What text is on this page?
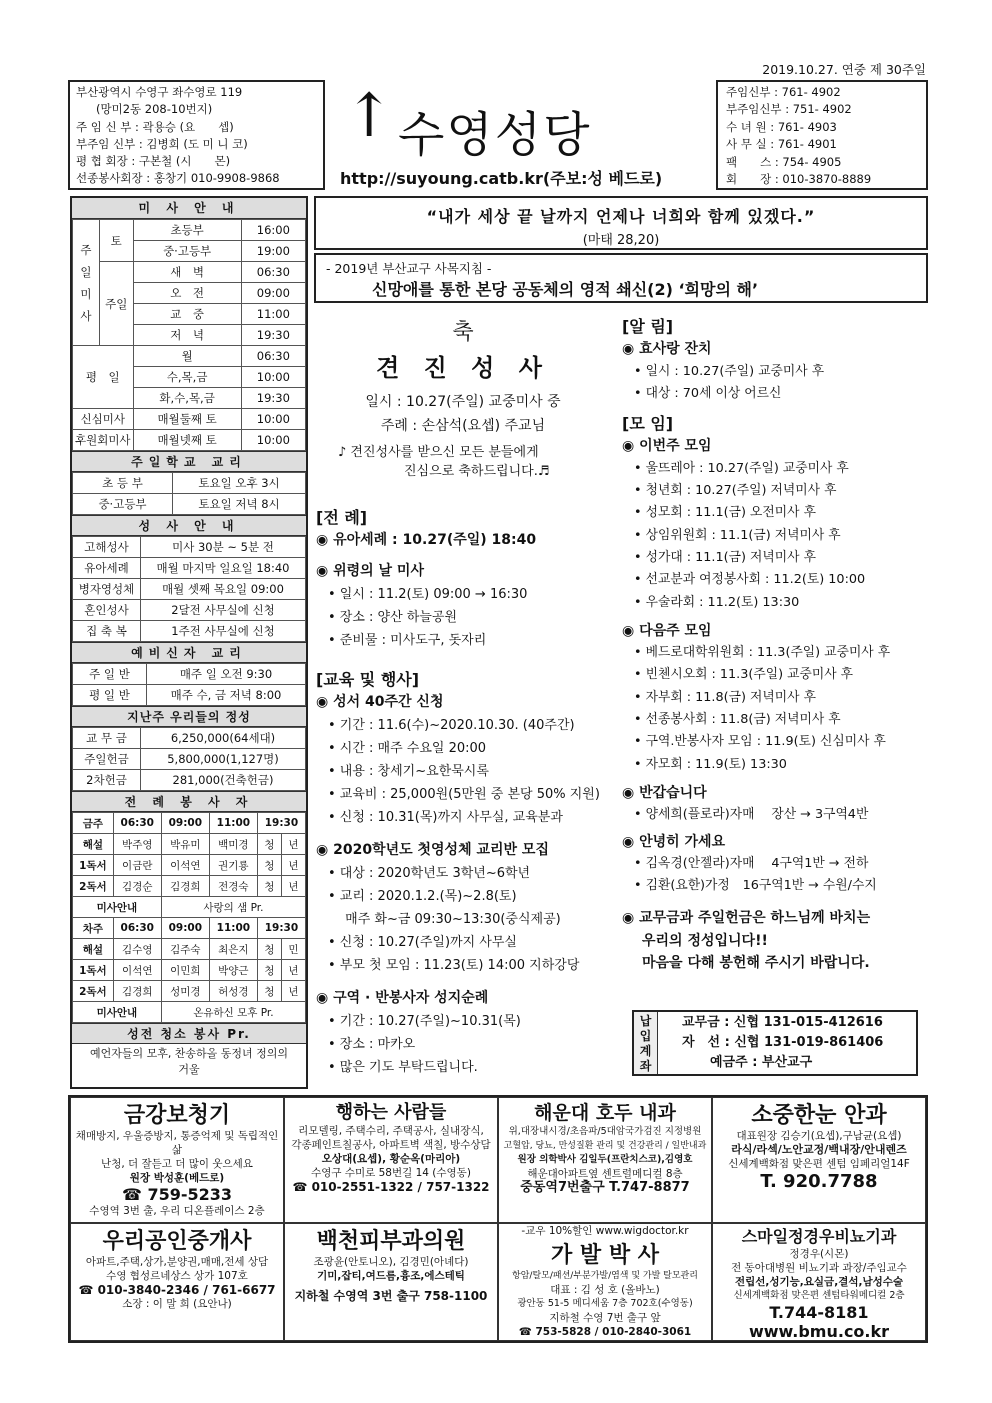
2019.10.27. 연중 제 30주일
부산광역시 수영구 좌수영로 119
(망미2동 208-10번지)
주 임 신 부 : 곽용승 (요　　셉)
부주임 신부 : 김병희 (도 미 니 코)
평 협 회장 : 구본철 (시　　몬)
선종봉사회장 : 홍창기 010-9908-9868
↑ 수영성당
http://suyoung.catb.kr(주보:성 베드로)
주임신부 : 761- 4902
부주임신부 : 751- 4902
수 녀 원 : 761- 4903
사 무 실 : 761- 4901
팩　　스 : 754- 4905
회　　장 : 010-3870-8889
미 사 안 내
주일미사	토	초등부	16:00
		중·고등부	19:00
	주일	새　벽	06:30
		오　전	09:00
		교　중	11:00
		저　녁	19:30
평　일		월	06:30
		수,목,금	10:00
		화,수,목,금	19:30
신심미사		매월둘째 토	10:00
후원회미사		매월넷째 토	10:00
주일학교 교리
초 등 부	토요일 오후 3시
중·고등부	토요일 저녁 8시
성 사 안 내
고해성사	미사 30분 ~ 5분 전
유아세례	매월 마지막 일요일 18:40
병자영성체	매월 셋째 목요일 09:00
혼인성사	2달전 사무실에 신청
집 축 복	1주전 사무실에 신청
예비신자 교리
주 일 반	매주 일 오전 9:30
평 일 반	매주 수, 금 저녁 8:00
지난주 우리들의 정성
교 무 금	6,250,000(64세대)
주일헌금	5,800,000(1,127명)
2차헌금	281,000(건축헌금)
전 례 봉 사 자
금주	06:30	09:00	11:00	19:30	
해설	박주영	박유미	백미경	청	년
1독서	이금란	이석연	권기룡	청	년
2독서	김경순	김경희	전경숙	청	년
미사안내		사랑의 샘 Pr.			
차주	06:30	09:00	11:00	19:30	
해설	김수영	김주숙	최은지	청	민
1독서	이석연	이민희	박양근	청	년
2독서	김경희	성미경	허성경	청	년
미사안내		온유하신 모후 Pr.			
성전 청소 봉사 Pr.
예언자들의 모후, 찬송하올 동정녀 정의의 거울
“내가 세상 끝 날까지 언제나 너희와 함께 있겠다.”
(마태 28,20)
- 2019년 부산교구 사목지침 -
신망애를 통한 본당 공동체의 영적 쇄신(2) ‘희망의 해’
축
견 진 성 사
일시 : 10.27(주일) 교중미사 중
주례 : 손삼석(요셉) 주교님
♪ 견진성사를 받으신 모든 분들에게
진심으로 축하드립니다.♬
[전 례]
◉ 유아세례 : 10.27(주일) 18:40
◉ 위령의 날 미사
• 일시 : 11.2(토) 09:00 → 16:30
• 장소 : 양산 하늘공원
• 준비물 : 미사도구, 돗자리
[교육 및 행사]
◉ 성서 40주간 신청
• 기간 : 11.6(수)~2020.10.30. (40주간)
• 시간 : 매주 수요일 20:00
• 내용 : 창세기~요한묵시록
• 교육비 : 25,000원(5만원 중 본당 50% 지원)
• 신청 : 10.31(목)까지 사무실, 교육분과
◉ 2020학년도 첫영성체 교리반 모집
• 대상 : 2020학년도 3학년~6학년
• 교리 : 2020.1.2.(목)~2.8(토)
　 매주 화~금 09:30~13:30(중식제공)
• 신청 : 10.27(주일)까지 사무실
• 부모 첫 모임 : 11.23(토) 14:00 지하강당
◉ 구역 · 반봉사자 성지순례
• 기간 : 10.27(주일)~10.31(목)
• 장소 : 마카오
• 많은 기도 부탁드립니다.
[알 림]
◉ 효사랑 잔치
• 일시 : 10.27(주일) 교중미사 후
• 대상 : 70세 이상 어르신
[모 임]
◉ 이번주 모임
• 울뜨레아 : 10.27(주일) 교중미사 후
• 청년회 : 10.27(주일) 저녁미사 후
• 성모회 : 11.1(금) 오전미사 후
• 상임위원회 : 11.1(금) 저녁미사 후
• 성가대 : 11.1(금) 저녁미사 후
• 선교분과 여정봉사회 : 11.2(토) 10:00
• 우술라회 : 11.2(토) 13:30
◉ 다음주 모임
• 베드로대학위원회 : 11.3(주일) 교중미사 후
• 빈첸시오회 : 11.3(주일) 교중미사 후
• 자부회 : 11.8(금) 저녁미사 후
• 선종봉사회 : 11.8(금) 저녁미사 후
• 구역.반봉사자 모임 : 11.9(토) 신심미사 후
• 자모회 : 11.9(토) 13:30
◉ 반갑습니다
• 양세희(플로라)자매　 장산 → 3구역4반
◉ 안녕히 가세요
• 김옥경(안젤라)자매　 4구역1반 → 전하
• 김환(요한)가정　16구역1반 → 수원/수지
◉ 교무금과 주일헌금은 하느님께 바치는
우리의 정성입니다!!
마음을 다해 봉헌해 주시기 바랍니다.
납입계좌
교무금 : 신협 131-015-412616
자　선 : 신협 131-019-861406
예금주 : 부산교구
금강보청기
채매방지, 우울증방지, 통증억제 및 독립적인 삶
난청, 더 잘듣고 더 많이 웃으세요
원장 박성훈(베드로)
☎ 759-5233
수영역 3번 출, 우리 디온플레이스 2층
행하는 사람들
리모델링, 주택수리, 주택공사, 실내장식,
각종페인트칠공사, 아파트벽 색칠, 방수상담
오상대(요셉), 황순옥(마리아)
수영구 수미로 58번길 14 (수영동)
☎ 010-2551-1322 / 757-1322
해운대 호두 내과
위,대장내시경/초음파/5대암국가검진 지정병원
고혈압, 당뇨, 만성질환 관리 및 건강관리 / 일반내과
원장 의학박사 김일두(프란치스코),김영호
해운대아파트옆 센트럴메디컬 8층
중동역7번출구 T.747-8877
소중한눈 안과
대표원장 김승기(요셉),구남균(요셉)
라식/라섹/노안교정/백내장/안내렌즈
신세계백화점 맞은편 센텀 임페리얼14F
T. 920.7788
우리공인중개사
아파트,주택,상가,분양권,매매,전세 상담
수영 협성르네상스 상가 107호
☎ 010-3840-2346 / 761-6677
소장 : 이 말 희 (요안나)
백천피부과의원
조광윤(안토니오), 김경민(아녜다)
기미,잡티,여드름,흉조,에스테틱
지하철 수영역 3번 출구 758-1100
-교우 10%할인 www.wigdoctor.kr
가 발 박 사
항암/탈모/패션/부분가발/염색 및 가발 탈모관리
대표 : 김 성 호 (올바노)
광안동 51-5 메디세움 7층 702호(수영동)
지하철 수영 7번 출구 앞
☎ 753-5828 / 010-2840-3061
스마일정경우비뇨기과
정경우(시몬)
전 동아대병원 비뇨기과 과장/주임교수
전립선,성기능,요실금,결석,남성수술
신세계백화점 맞은편 센텀타워메디컬 2층
T.744-8181 www.bmu.co.kr
